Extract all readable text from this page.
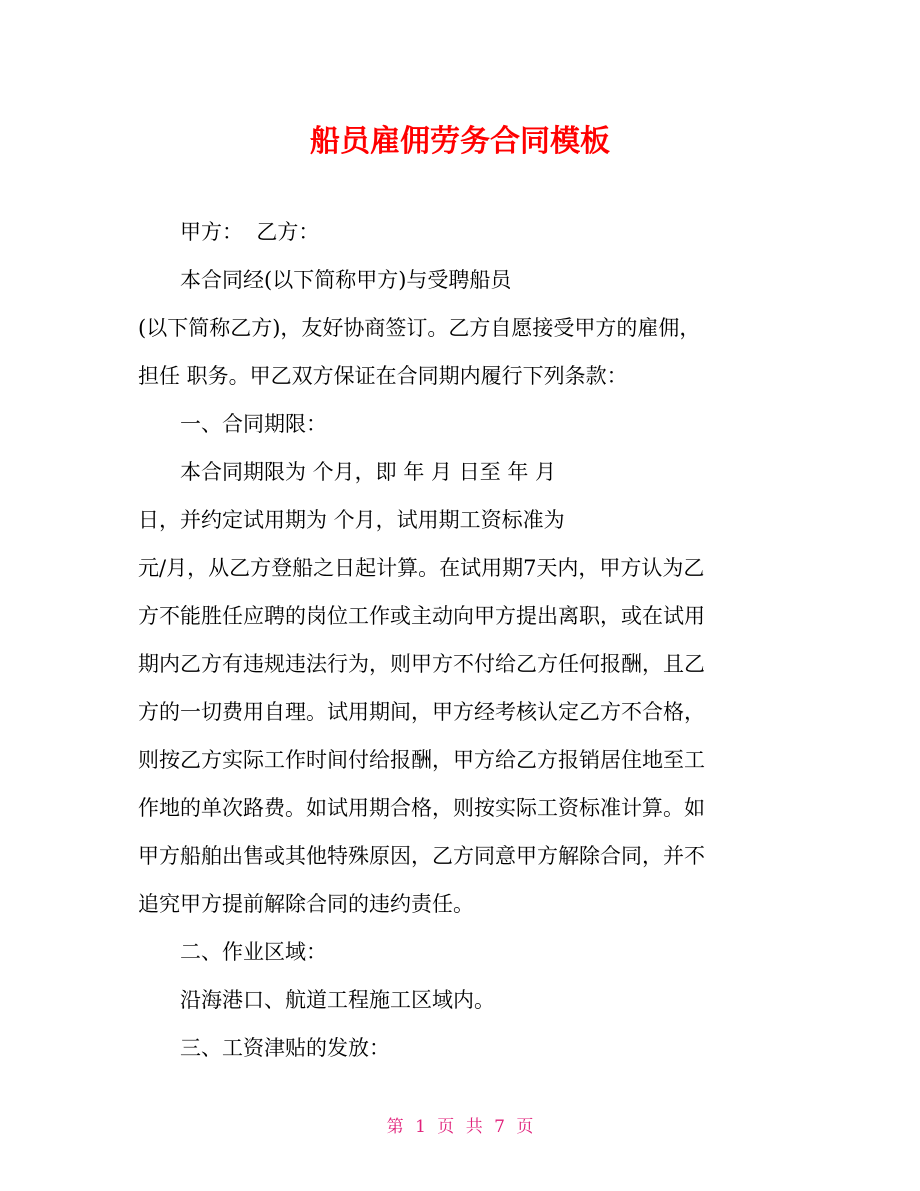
船员雇佣劳务合同模板
甲方：  乙方：
本合同经(以下简称甲方)与受聘船员
(以下简称乙方)，友好协商签订。乙方自愿接受甲方的雇佣，
担任 职务。甲乙双方保证在合同期内履行下列条款：
一、合同期限：
本合同期限为 个月，即 年 月 日至 年 月
日，并约定试用期为 个月，试用期工资标准为
元/月，从乙方登船之日起计算。在试用期7天内，甲方认为乙
方不能胜任应聘的岗位工作或主动向甲方提出离职，或在试用
期内乙方有违规违法行为，则甲方不付给乙方任何报酬，且乙
方的一切费用自理。试用期间，甲方经考核认定乙方不合格，
则按乙方实际工作时间付给报酬，甲方给乙方报销居住地至工
作地的单次路费。如试用期合格，则按实际工资标准计算。如
甲方船舶出售或其他特殊原因，乙方同意甲方解除合同，并不
追究甲方提前解除合同的违约责任。
二、作业区域：
沿海港口、航道工程施工区域内。
三、工资津贴的发放：
第 1 页 共 7 页
